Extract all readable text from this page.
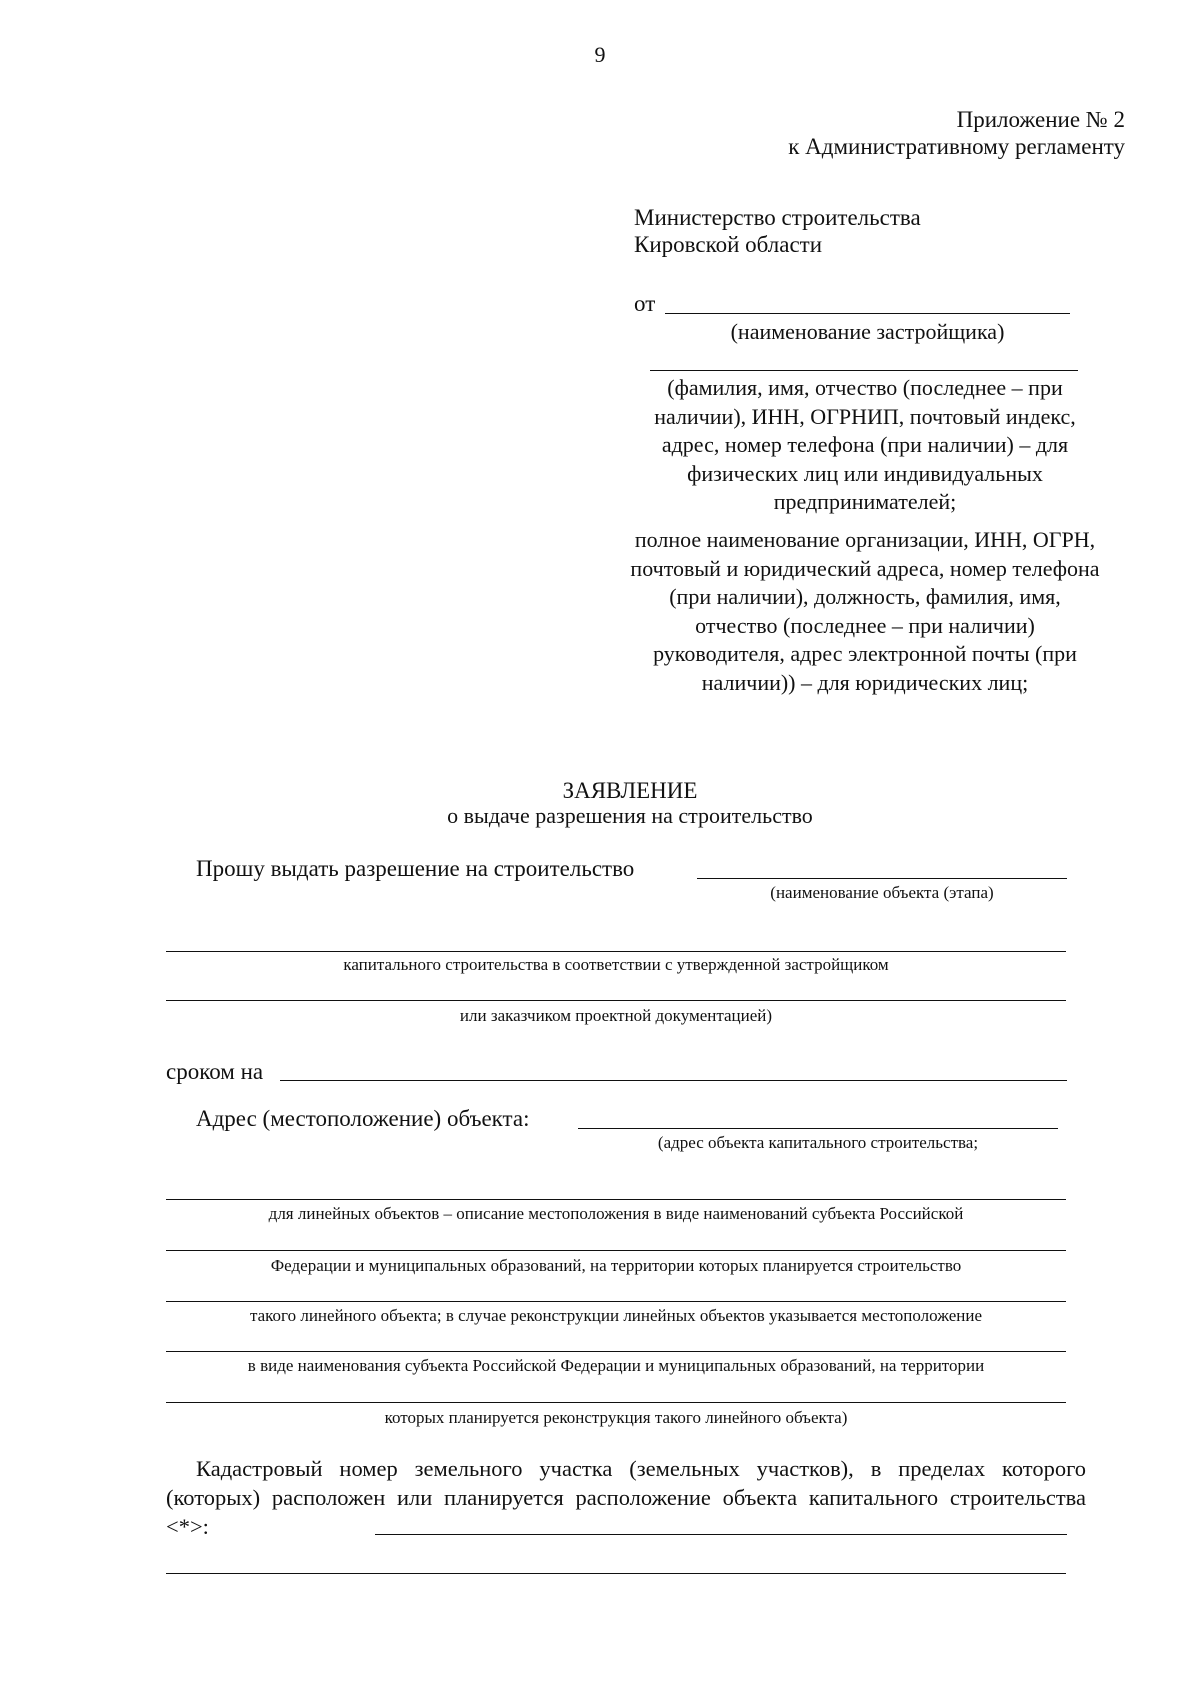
9
Приложение № 2
к Административному регламенту
Министерство строительства
Кировской области
от
(наименование застройщика)
(фамилия, имя, отчество (последнее – при наличии), ИНН, ОГРНИП, почтовый индекс, адрес, номер телефона (при наличии) – для физических лиц или индивидуальных предпринимателей;
полное наименование организации, ИНН, ОГРН, почтовый и юридический адреса, номер телефона (при наличии), должность, фамилия, имя, отчество (последнее – при наличии) руководителя, адрес электронной почты (при наличии)) – для юридических лиц;
ЗАЯВЛЕНИЕ
о выдаче разрешения на строительство
Прошу выдать разрешение на строительство
(наименование объекта (этапа)
капитального строительства в соответствии с утвержденной застройщиком
или заказчиком проектной документацией)
сроком на
Адрес (местоположение) объекта:
(адрес объекта капитального строительства;
для линейных объектов – описание местоположения в виде наименований субъекта Российской
Федерации и муниципальных образований, на территории которых планируется строительство
такого линейного объекта; в случае реконструкции линейных объектов указывается местоположение
в виде наименования субъекта Российской Федерации и муниципальных образований, на территории
которых планируется реконструкция такого линейного объекта)
Кадастровый номер земельного участка (земельных участков), в пределах которого (которых) расположен или планируется расположение объекта капитального строительства <*>:
